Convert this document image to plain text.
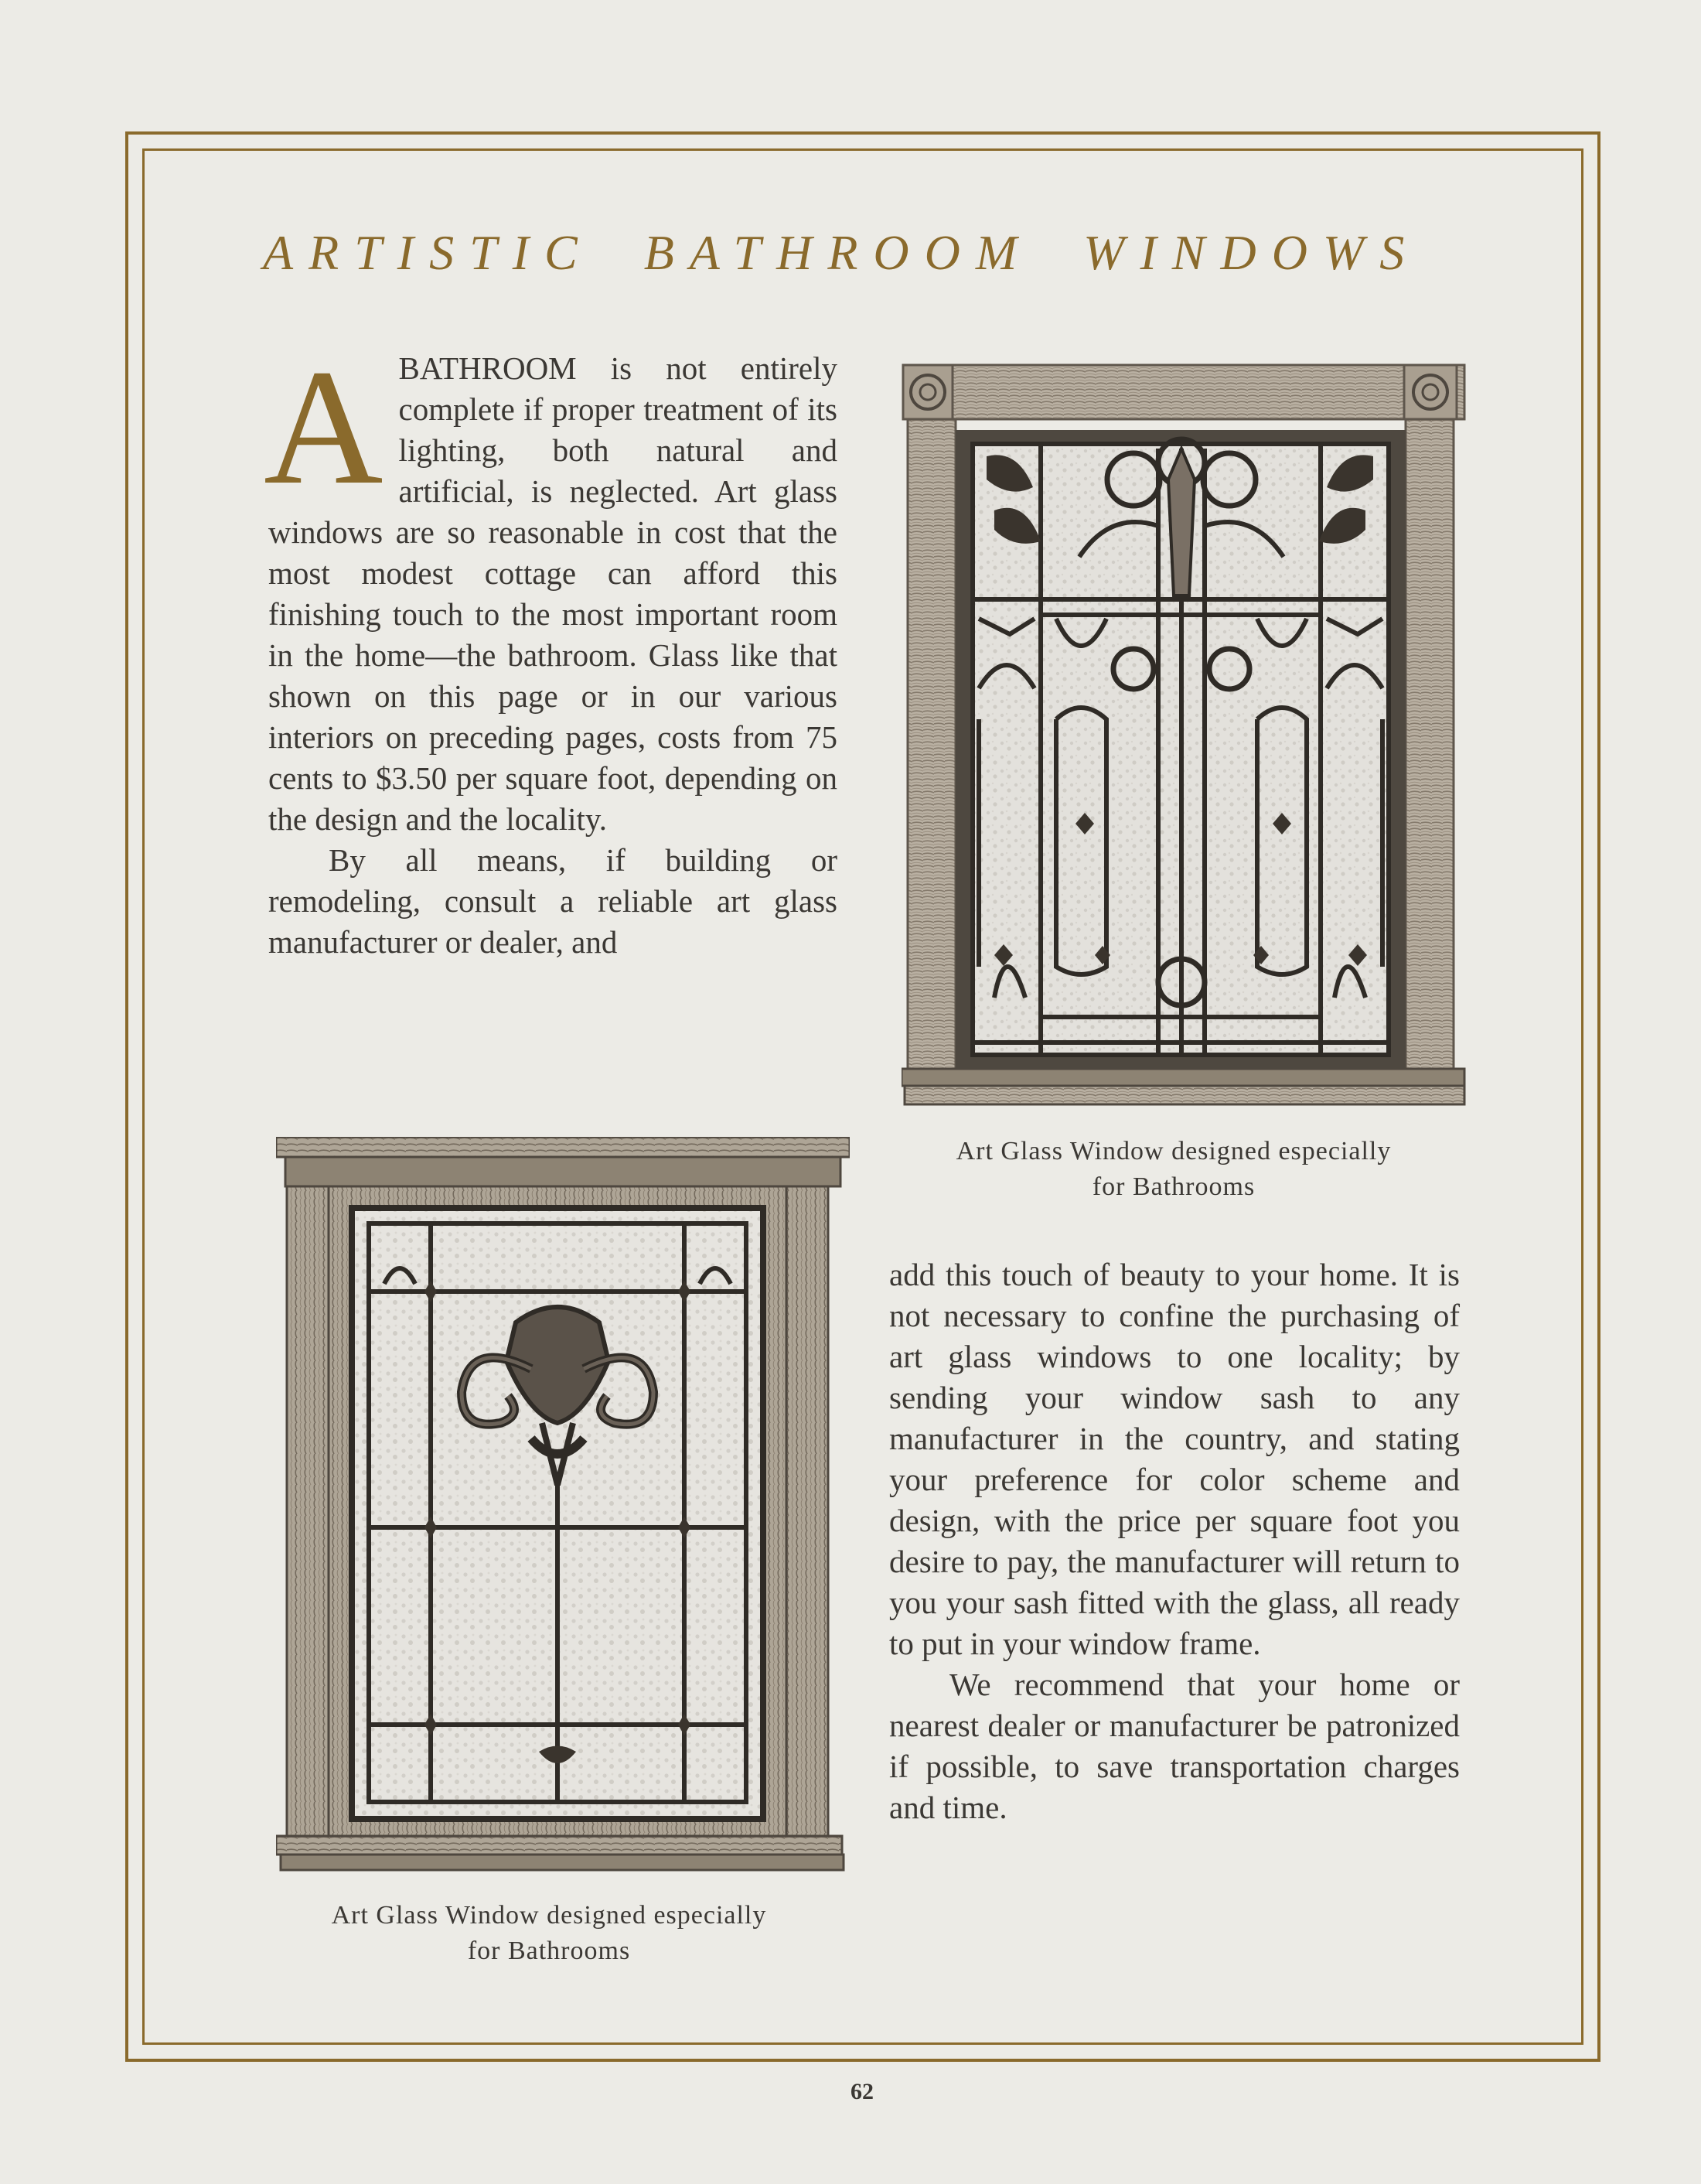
ARTISTIC BATHROOM WINDOWS
A BATHROOM is not entirely complete if proper treatment of its lighting, both natural and artificial, is neglected. Art glass windows are so reasonable in cost that the most modest cottage can afford this finishing touch to the most important room in the home—the bathroom. Glass like that shown on this page or in our various interiors on preceding pages, costs from 75 cents to $3.50 per square foot, depending on the design and the locality.

By all means, if building or remodeling, consult a reliable art glass manufacturer or dealer, and

Art Glass Window designed especially
for Bathrooms
Art Glass Window designed especially
for Bathrooms

add this touch of beauty to your home. It is not necessary to confine the purchasing of art glass windows to one locality; by sending your window sash to any manufacturer in the country, and stating your preference for color scheme and design, with the price per square foot you desire to pay, the manufacturer will return to you your sash fitted with the glass, all ready to put in your window frame.

We recommend that your home or nearest dealer or manufacturer be patronized if possible, to save transportation charges and time.

62
